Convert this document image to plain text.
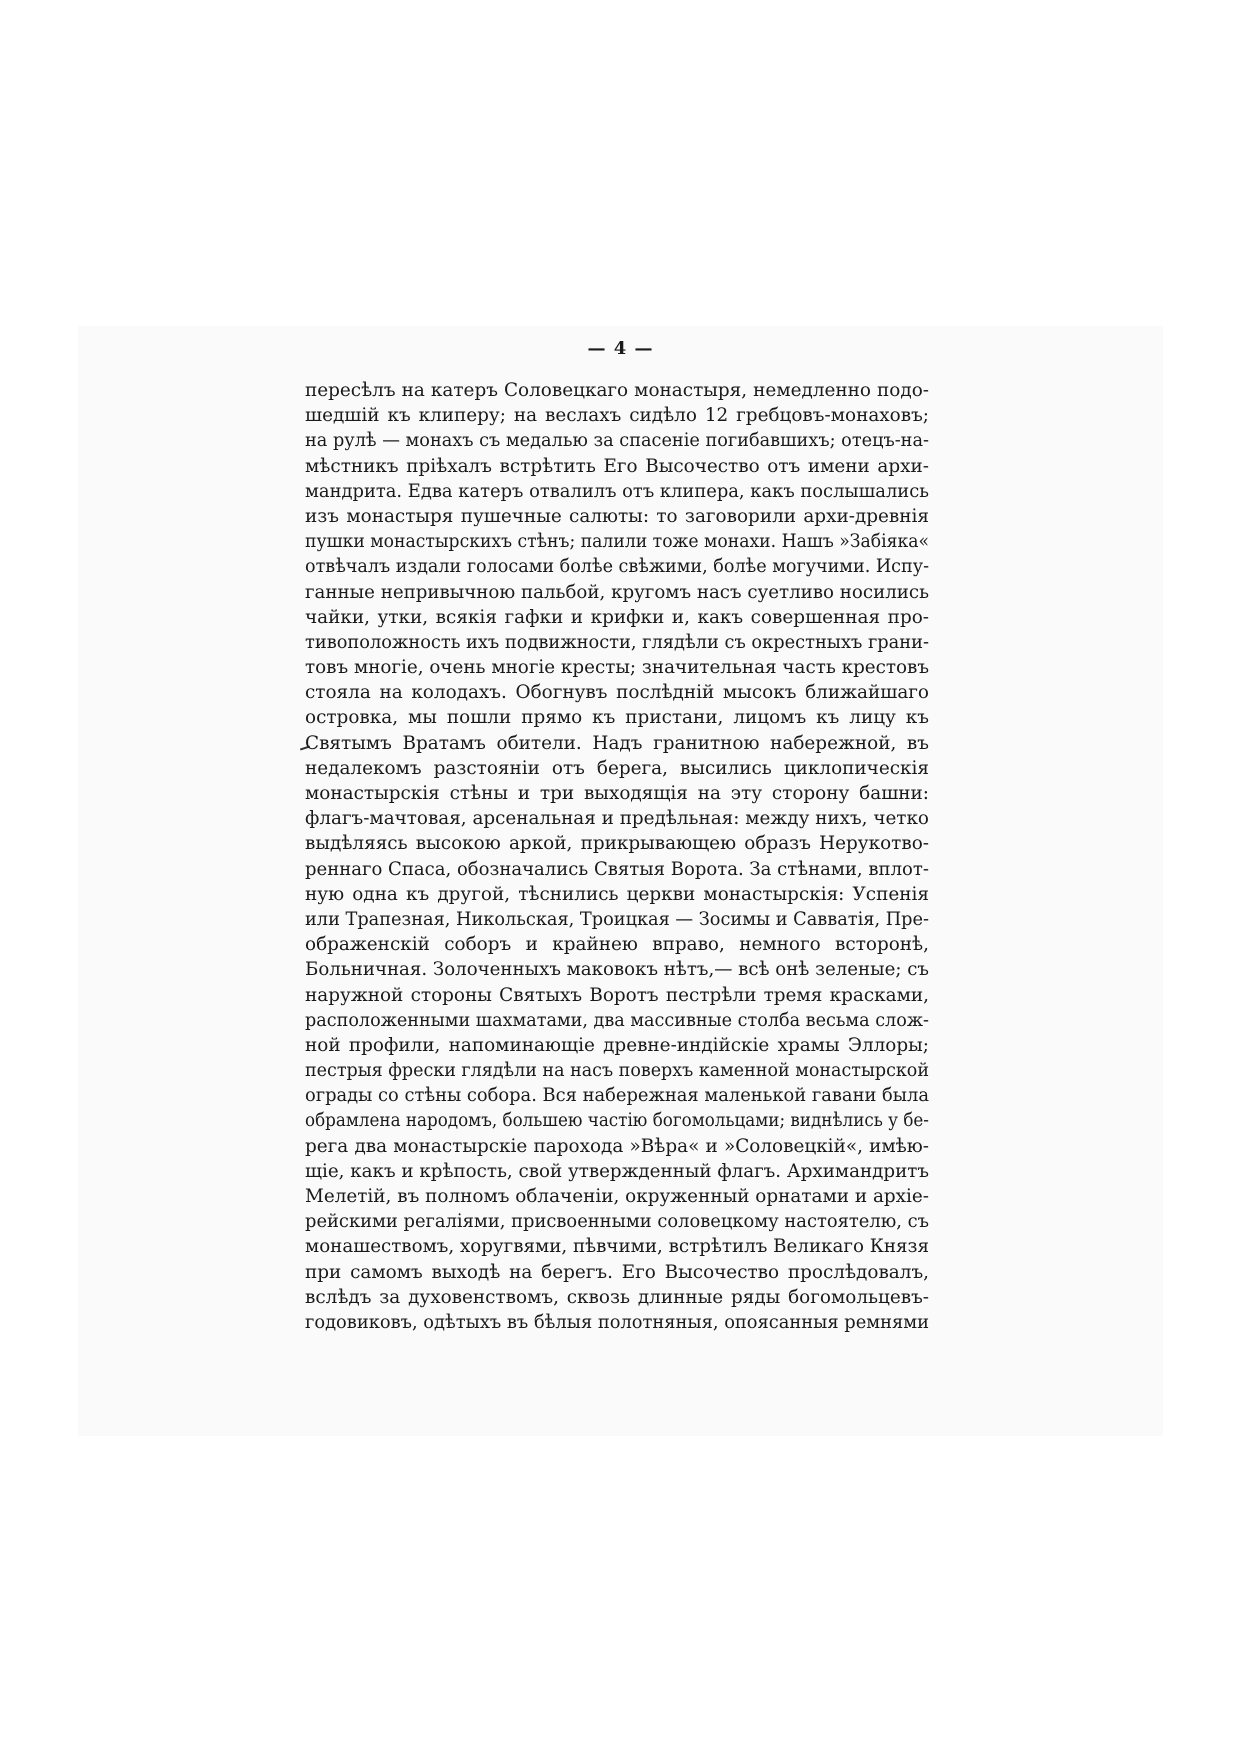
— 4 —
пересѣлъ на катеръ Соловецкаго монастыря, немедленно подо-
шедшій къ клиперу; на веслахъ сидѣло 12 гребцовъ-монаховъ;
на рулѣ — монахъ съ медалью за спасеніе погибавшихъ; отецъ-на-
мѣстникъ пріѣхалъ встрѣтить Его Высочество отъ имени архи-
мандрита. Едва катеръ отвалилъ отъ клипера, какъ послышались
изъ монастыря пушечные салюты: то заговорили архи-древнія
пушки монастырскихъ стѣнъ; палили тоже монахи. Нашъ »Забіяка«
отвѣчалъ издали голосами болѣе свѣжими, болѣе могучими. Испу-
ганные непривычною пальбой, кругомъ насъ суетливо носились
чайки, утки, всякія гафки и крифки и, какъ совершенная про-
тивоположность ихъ подвижности, глядѣли съ окрестныхъ грани-
товъ многіе, очень многіе кресты; значительная часть крестовъ
стояла на колодахъ. Обогнувъ послѣдній мысокъ ближайшаго
островка, мы пошли прямо къ пристани, лицомъ къ лицу къ
Святымъ Вратамъ обители. Надъ гранитною набережной, въ
недалекомъ разстояніи отъ берега, высились циклопическія
монастырскія стѣны и три выходящія на эту сторону башни:
флагъ-мачтовая, арсенальная и предѣльная: между нихъ, четко
выдѣляясь высокою аркой, прикрывающею образъ Нерукотво-
реннаго Спаса, обозначались Святыя Ворота. За стѣнами, вплот-
ную одна къ другой, тѣснились церкви монастырскія: Успенія
или Трапезная, Никольская, Троицкая — Зосимы и Савватія, Пре-
ображенскій соборъ и крайнею вправо, немного всторонѣ,
Больничная. Золоченныхъ маковокъ нѣтъ,— всѣ онѣ зеленые; съ
наружной стороны Святыхъ Воротъ пестрѣли тремя красками,
расположенными шахматами, два массивные столба весьма слож-
ной профили, напоминающіе древне-индійскіе храмы Эллоры;
пестрыя фрески глядѣли на насъ поверхъ каменной монастырской
ограды со стѣны собора. Вся набережная маленькой гавани была
обрамлена народомъ, большею частію богомольцами; виднѣлись у бе-
рега два монастырскіе парохода »Вѣра« и »Соловецкій«, имѣю-
щіе, какъ и крѣпость, свой утвержденный флагъ. Архимандритъ
Мелетій, въ полномъ облаченіи, окруженный орнатами и архіе-
рейскими регаліями, присвоенными соловецкому настоятелю, съ
монашествомъ, хоругвями, пѣвчими, встрѣтилъ Великаго Князя
при самомъ выходѣ на берегъ. Его Высочество прослѣдовалъ,
вслѣдъ за духовенствомъ, сквозь длинные ряды богомольцевъ-
годовиковъ, одѣтыхъ въ бѣлыя полотняныя, опоясанныя ремнями
